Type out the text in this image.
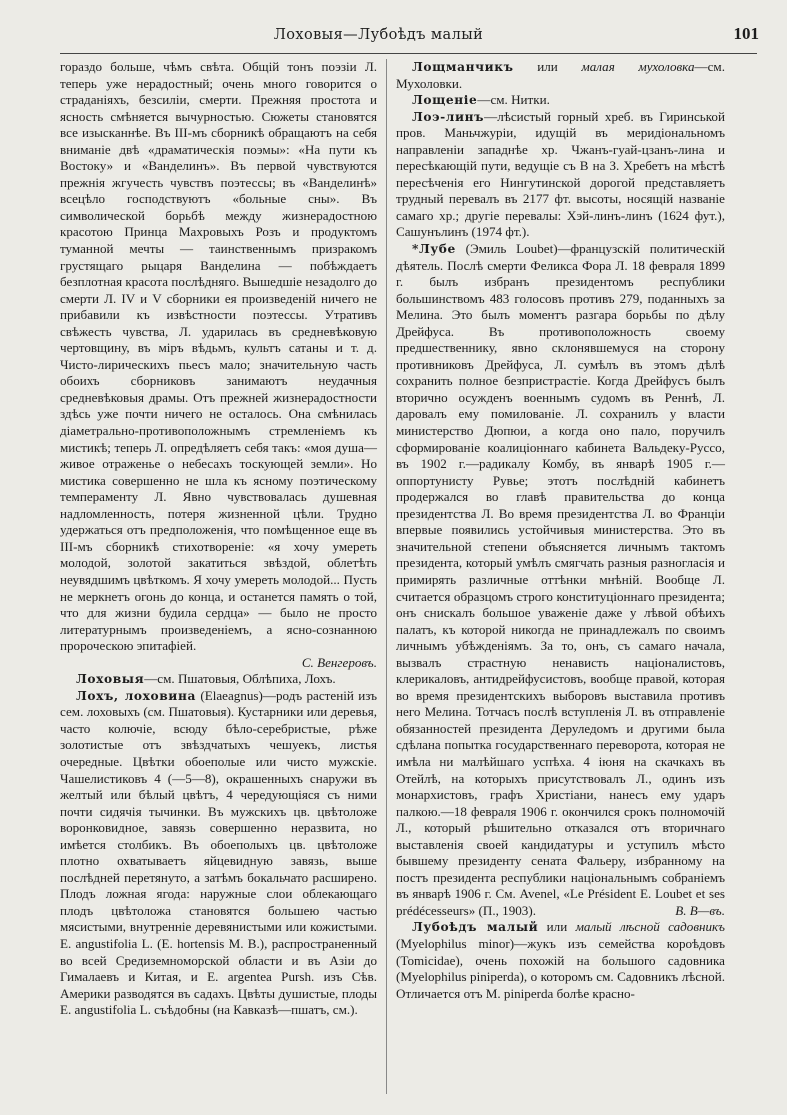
Лоховыя—Лубоѣдъ малый	101

гораздо больше, чѣмъ свѣта. Общій тонъ поэзіи Л. теперь уже нерадостный; очень много говорится о страданіяхъ, безсиліи, смерти. Прежняя простота и ясность смѣняется вычурностью. Сюжеты становятся все изысканнѣе. Въ III-мъ сборникѣ обращаютъ на себя вниманіе двѣ «драматическія поэмы»: «На пути къ Востоку» и «Ванделинъ». Въ первой чувствуются прежнія жгучесть чувствъ поэтессы; въ «Ванделинѣ» всецѣло господствуютъ «больные сны». Въ символической борьбѣ между жизнерадостною красотою Принца Махровыхъ Розъ и продуктомъ туманной мечты — таинственнымъ призракомъ грустящаго рыцаря Ванделина — побѣждаетъ безплотная красота послѣдняго. Вышедшіе незадолго до смерти Л. IV и V сборники ея произведеній ничего не прибавили къ извѣстности поэтессы. Утративъ свѣжесть чувства, Л. ударилась въ средневѣковую чертовщину, въ міръ вѣдьмъ, культъ сатаны и т. д. Чисто-лирическихъ пьесъ мало; значительную часть обоихъ сборниковъ занимаютъ неудачныя средневѣковыя драмы. Отъ прежней жизнерадостности здѣсь уже почти ничего не осталось. Она смѣнилась діаметрально-противоположнымъ стремленіемъ къ мистикѣ; теперь Л. опредѣляетъ себя такъ: «моя душа—живое отраженье о небесахъ тоскующей земли». Но мистика совершенно не шла къ ясному поэтическому темпераменту Л. Явно чувствовалась душевная надломленность, потеря жизненной цѣли. Трудно удержаться отъ предположенія, что помѣщенное еще въ III-мъ сборникѣ стихотвореніе: «я хочу умереть молодой, золотой закатиться звѣздой, облетѣть неувядшимъ цвѣткомъ. Я хочу умереть молодой... Пусть не меркнетъ огонь до конца, и останется память о той, что для жизни будила сердца» — было не просто литературнымъ произведеніемъ, а ясно-сознанною пророческою эпитафіей.

С. Венгеровъ.

Лоховыя—см. Пшатовыя, Облѣпиха, Лохъ.

Лохъ, лоховина (Elaeagnus)—родъ растеній изъ сем. лоховыхъ (см. Пшатовыя). Кустарники или деревья, часто колючіе, всюду бѣло-серебристые, рѣже золотистые отъ звѣздчатыхъ чешуекъ, листья очередные. Цвѣтки обоеполые или чисто мужскіе. Чашелистиковъ 4 (—5—8), окрашенныхъ снаружи въ желтый или бѣлый цвѣтъ, 4 чередующіяся съ ними почти сидячія тычинки. Въ мужскихъ цв. цвѣтоложе воронковидное, завязь совершенно неразвита, но имѣется столбикъ. Въ обоеполыхъ цв. цвѣтоложе плотно охватываетъ яйцевидную завязь, выше послѣдней перетянуто, а затѣмъ бокальчато расширено. Плодъ ложная ягода: наружные слои облекающаго плодъ цвѣтоложа становятся большею частью мясистыми, внутренніе деревянистыми или кожистыми. E. angustifolia L. (E. hortensis M. B.), распространенный во всей Средиземноморской области и въ Азіи до Гималаевъ и Китая, и E. argentea Pursh. изъ Сѣв. Америки разводятся въ садахъ. Цвѣты душистые, плоды E. angustifolia L. съѣдобны (на Кавказѣ—пшатъ, см.).

Лощманчикъ или малая мухоловка—см. Мухоловки.

Лощеніе—см. Нитки.

Лоэ-линъ—лѣсистый горный хреб. въ Гиринськой пров. Маньчжуріи, идущій въ меридіональномъ направленіи западнѣе хр. Чжанъ-гуай-цзанъ-лина и пересѣкающій пути, ведущіе съ В на З. Хребетъ на мѣстѣ пересѣченія его Нингутинской дорогой представляетъ трудный перевалъ въ 2177 фт. высоты, носящій названіе самаго хр.; другіе перевалы: Хэй-линъ-линъ (1624 фут.), Сашунълинъ (1974 фт.).

*Лубе (Эмиль Loubet)—французскій политическій дѣятель. Послѣ смерти Феликса Фора Л. 18 февраля 1899 г. былъ избранъ президентомъ республики большинствомъ 483 голосовъ противъ 279, поданныхъ за Мелина. Это былъ моментъ разгара борьбы по дѣлу Дрейфуса. Въ противоположность своему предшественнику, явно склонявшемуся на сторону противниковъ Дрейфуса, Л. сумѣлъ въ этомъ дѣлѣ сохранить полное безпристрастіе. Когда Дрейфусъ былъ вторично осужденъ военнымъ судомъ въ Реннѣ, Л. даровалъ ему помилованіе. Л. сохранилъ у власти министерство Дюпюи, а когда оно пало, поручилъ сформированіе коалиціоннаго кабинета Вальдеку-Руссо, въ 1902 г.—радикалу Комбу, въ январѣ 1905 г.—оппортунисту Рувье; этотъ послѣдній кабинетъ продержался во главѣ правительства до конца президентства Л. Во время президентства Л. во Франціи впервые появились устойчивыя министерства. Это въ значительной степени объясняется личнымъ тактомъ президента, который умѣлъ смягчать разныя разногласія и примирять различные оттѣнки мнѣній. Вообще Л. считается образцомъ строго конституціоннаго президента; онъ снискалъ большое уваженіе даже у лѣвой обѣихъ палатъ, къ которой никогда не принадлежалъ по своимъ личнымъ убѣжденіямъ. За то, онъ, съ самаго начала, вызвалъ страстную ненависть націоналистовъ, клерикаловъ, антидрейфусистовъ, вообще правой, которая во время президентскихъ выборовъ выставила противъ него Мелина. Тотчасъ послѣ вступленія Л. въ отправленіе обязанностей президента Деруледомъ и другими была сдѣлана попытка государственнаго переворота, которая не имѣла ни малѣйшаго успѣха. 4 іюня на скачкахъ въ Отейлѣ, на которыхъ присутствовалъ Л., одинъ изъ монархистовъ, графъ Христіани, нанесъ ему ударъ палкою.—18 февраля 1906 г. окончился срокъ полномочій Л., который рѣшительно отказался отъ вторичнаго выставленія своей кандидатуры и уступилъ мѣсто бывшему президенту сената Фальеру, избранному на постъ президента республики національнымъ собраніемъ въ январѣ 1906 г. См. Avenel, «Le Président E. Loubet et ses prédécesseurs» (П., 1903).	В. В—въ.

Лубоѣдъ малый или малый лѣсной садовникъ (Myelophilus minor)—жукъ изъ семейства короѣдовъ (Tomicidae), очень похожій на большого садовника (Myelophilus piniperda), о которомъ см. Садовникъ лѣсной. Отличается отъ M. piniperda болѣе красно-
